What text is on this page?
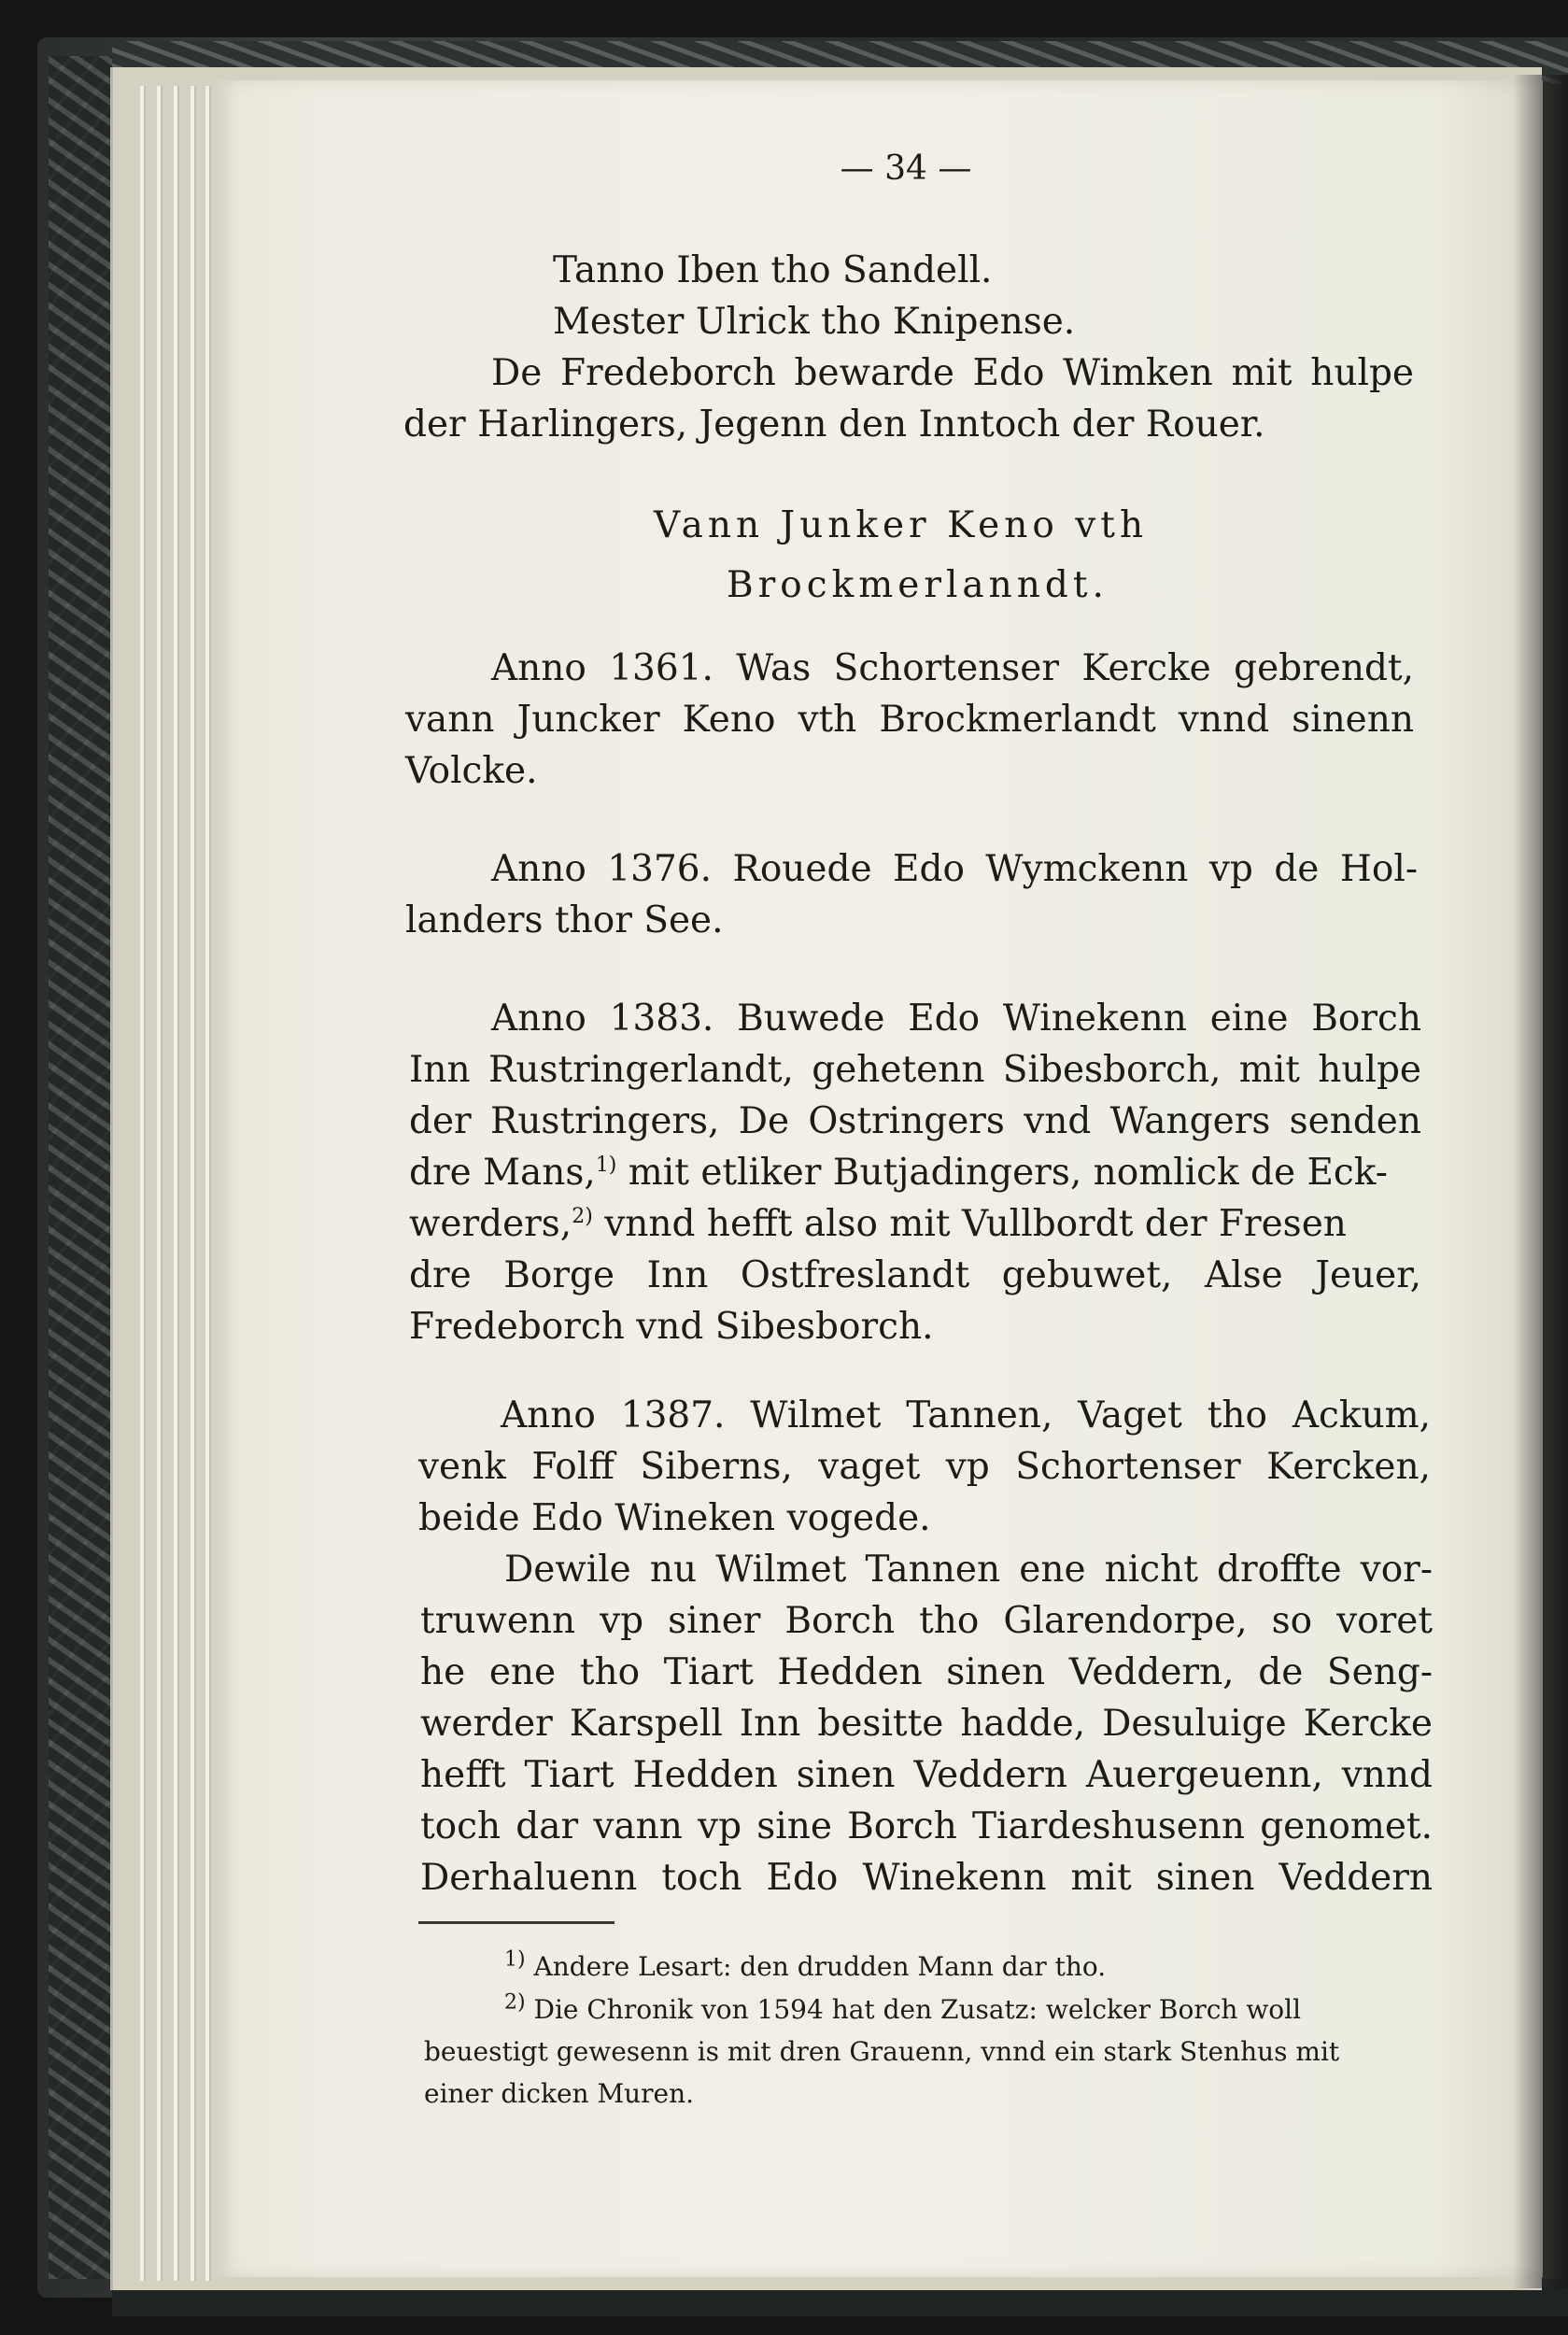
— 34 —

Tanno Iben tho Sandell.

Mester Ulrick tho Knipense.

De Fredeborch bewarde Edo Wimken mit hulpe

der Harlingers, Jegenn den Inntoch der Rouer.

Vann Junker Keno vth
Brockmerlanndt.

Anno 1361. Was Schortenser Kercke gebrendt,

vann Juncker Keno vth Brockmerlandt vnnd sinenn

Volcke.

Anno 1376. Rouede Edo Wymckenn vp de Hol-

landers thor See.

Anno 1383. Buwede Edo Winekenn eine Borch

Inn Rustringerlandt, gehetenn Sibesborch, mit hulpe

der Rustringers, De Ostringers vnd Wangers senden

dre Mans,$^{1)}$ mit etliker Butjadingers, nomlick de Eck-

werders,$^{2)}$ vnnd hefft also mit Vullbordt der Fresen

dre Borge Inn Ostfreslandt gebuwet, Alse Jeuer,

Fredeborch vnd Sibesborch.

Anno 1387. Wilmet Tannen, Vaget tho Ackum,

venk Folff Siberns, vaget vp Schortenser Kercken,

beide Edo Wineken vogede.

Dewile nu Wilmet Tannen ene nicht droffte vor-

truwenn vp siner Borch tho Glarendorpe, so voret

he ene tho Tiart Hedden sinen Veddern, de Seng-

werder Karspell Inn besitte hadde, Desuluige Kercke

hefft Tiart Hedden sinen Veddern Auergeuenn, vnnd

toch dar vann vp sine Borch Tiardeshusenn genomet.

Derhaluenn toch Edo Winekenn mit sinen Veddern

$^{1)}$ Andere Lesart: den drudden Mann dar tho.
$^{2)}$ Die Chronik von 1594 hat den Zusatz: welcker Borch woll
beuestigt gewesenn is mit dren Grauenn, vnnd ein stark Stenhus mit
einer dicken Muren.
